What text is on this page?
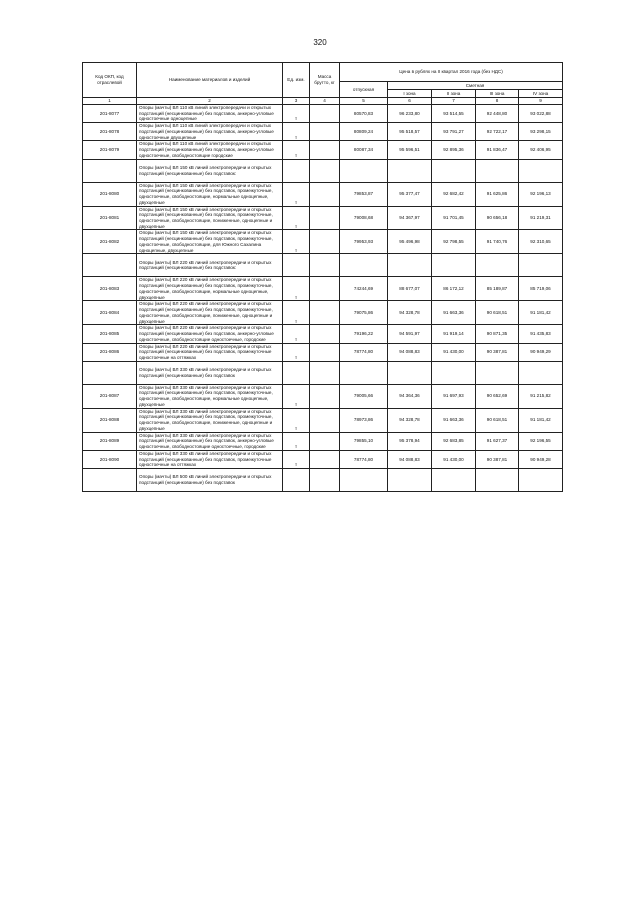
320
Код ОКП, код отраслевой	Наименование материалов и изделий	Ед. изм.	Масса брутто, кг	Цена в рублях на II квартал 2016 года (без НДС)				
				отпускная	Сметная			
					I зона	II зона	III зона	IV зона
1	2	3	4	5	6	7	8	9
201-8077	Опоры (мачты) ВЛ 110 кВ линий электропередачи и открытых подстанций (несцинкованные) без подставок, анкерно-угловые одностоечные одноцепные	т		80570,83	96 233,80	93 514,55	92 448,80	93 022,88
201-8078	Опоры (мачты) ВЛ 110 кВ линий электропередачи и открытых подстанций (несцинкованные) без подставок, анкерно-угловые одностоечные двухцепные	т		80809,24	95 518,57	93 791,27	92 722,17	93 298,15
201-8079	Опоры (мачты) ВЛ 110 кВ линий электропередачи и открытых подстанций (несцинкованные) без подставок, анкерно-угловые одностоечные, свободностоящие городские	т		80087,34	95 596,51	92 895,36	91 836,47	92 406,95
	Опоры (мачты) ВЛ 150 кВ линий электропередачи и открытых подстанций (несцинкованные) без подставок:							
201-8080	Опоры (мачты) ВЛ 150 кВ линий электропередачи и открытых подстанций (несцинкованные) без подставок, промежуточные, одностоечные, свободностоящие, нормальные одноцепные, двухцепные	т		79853,87	95 377,47	92 682,42	91 625,86	92 196,13
201-8081	Опоры (мачты) ВЛ 150 кВ линий электропередачи и открытых подстанций (несцинкованные) без подставок, промежуточные, одностоечные, свободностоящие, пониженные, одноцепные и двухцепные	т		79008,68	94 367,97	91 701,45	90 656,18	91 219,31
201-8082	Опоры (мачты) ВЛ 150 кВ линий электропередачи и открытых подстанций (несцинкованные) без подставок, промежуточные, одностоечные, свободностоящие, для Южного Сахалина одноцепные, двухцепные	т		79953,93	95 496,98	92 798,55	91 740,76	92 310,65
	Опоры (мачты) ВЛ 220 кВ линий электропередачи и открытых подстанций (несцинкованные) без подставок:							
201-8083	Опоры (мачты) ВЛ 220 кВ линий электропередачи и открытых подстанций (несцинкованные) без подставок, промежуточные, одностоечные, свободностоящие, нормальные одноцепные, двухцепные	т		74244,69	88 677,07	86 172,12	85 189,87	85 719,06
201-8084	Опоры (мачты) ВЛ 220 кВ линий электропередачи и открытых подстанций (несцинкованные) без подставок, промежуточные, одностоечные, свободностоящие, пониженные, одноцепные и двухцепные	т		79075,86	94 328,78	91 663,36	90 618,51	91 181,42
201-8085	Опоры (мачты) ВЛ 220 кВ линий электропередачи и открытых подстанций (несцинкованные) без подставок, анкерно-угловые одностоечные, свободностоящие одностоечные, городские	т		79196,22	94 591,97	91 919,14	90 871,35	91 435,83
201-8086	Опоры (мачты) ВЛ 220 кВ линий электропередачи и открытых подстанций (несцинкованные) без подставок, промежуточные одностоечные на оттяжках	т		78774,80	94 088,83	91 430,00	90 387,81	90 949,29
	Опоры (мачты) ВЛ 330 кВ линий электропередачи и открытых подстанций (несцинкованные) без подставок							
201-8087	Опоры (мачты) ВЛ 330 кВ линий электропередачи и открытых подстанций (несцинкованные) без подставок, промежуточные, одностоечные, свободностоящие, нормальные одноцепные, двухцепные	т		79005,66	94 364,36	91 697,93	90 652,69	91 215,82
201-8088	Опоры (мачты) ВЛ 330 кВ линий электропередачи и открытых подстанций (несцинкованные) без подставок, промежуточные, одностоечные, свободностоящие, пониженные, одноцепные и двухцепные	т		78973,86	94 328,78	91 663,36	90 618,51	91 181,42
201-8089	Опоры (мачты) ВЛ 330 кВ линий электропередачи и открытых подстанций (несцинкованные) без подставок, анкерно-угловые одностоечные, свободностоящие одностоечные, городские	т		79855,10	95 378,94	92 683,85	91 627,37	92 196,55
201-8090	Опоры (мачты) ВЛ 330 кВ линий электропередачи и открытых подстанций (несцинкованные) без подставок, промежуточные одностоечные на оттяжках	т		78774,80	94 088,83	91 430,00	90 387,81	90 949,28
	Опоры (мачты) ВЛ 500 кВ линий электропередачи и открытых подстанций (несцинкованные) без подставок							
